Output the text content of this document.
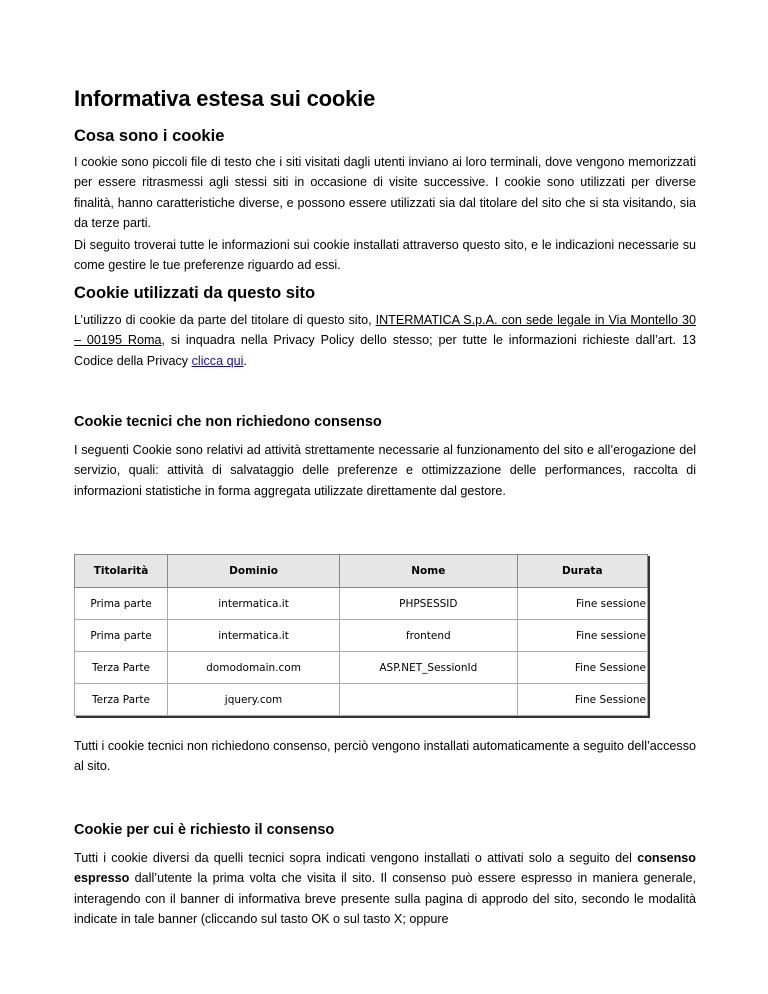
Informativa estesa sui cookie
Cosa sono i cookie

I cookie sono piccoli file di testo che i siti visitati dagli utenti inviano ai loro terminali, dove vengono memorizzati per essere ritrasmessi agli stessi siti in occasione di visite successive. I cookie sono utilizzati per diverse finalità, hanno caratteristiche diverse, e possono essere utilizzati sia dal titolare del sito che si sta visitando, sia da terze parti.

Di seguito troverai tutte le informazioni sui cookie installati attraverso questo sito, e le indicazioni necessarie su come gestire le tue preferenze riguardo ad essi.

Cookie utilizzati da questo sito

L’utilizzo di cookie da parte del titolare di questo sito, INTERMATICA S.p.A. con sede legale in Via Montello 30 – 00195 Roma, si inquadra nella Privacy Policy dello stesso; per tutte le informazioni richieste dall’art. 13 Codice della Privacy clicca qui.

Cookie tecnici che non richiedono consenso

I seguenti Cookie sono relativi ad attività strettamente necessarie al funzionamento del sito e all’erogazione del servizio, quali: attività di salvataggio delle preferenze e ottimizzazione delle performances, raccolta di informazioni statistiche in forma aggregata utilizzate direttamente dal gestore.

Titolarità	Dominio	Nome	Durata
Prima parte	intermatica.it	PHPSESSID	Fine sessione
Prima parte	intermatica.it	frontend	Fine sessione
Terza Parte	domodomain.com	ASP.NET_SessionId	Fine Sessione
Terza Parte	jquery.com		Fine Sessione

Tutti i cookie tecnici non richiedono consenso, perciò vengono installati automaticamente a seguito dell’accesso al sito.

Cookie per cui è richiesto il consenso

Tutti i cookie diversi da quelli tecnici sopra indicati vengono installati o attivati solo a seguito del consenso espresso dall’utente la prima volta che visita il sito. Il consenso può essere espresso in maniera generale, interagendo con il banner di informativa breve presente sulla pagina di approdo del sito, secondo le modalità indicate in tale banner (cliccando sul tasto OK o sul tasto X; oppure
